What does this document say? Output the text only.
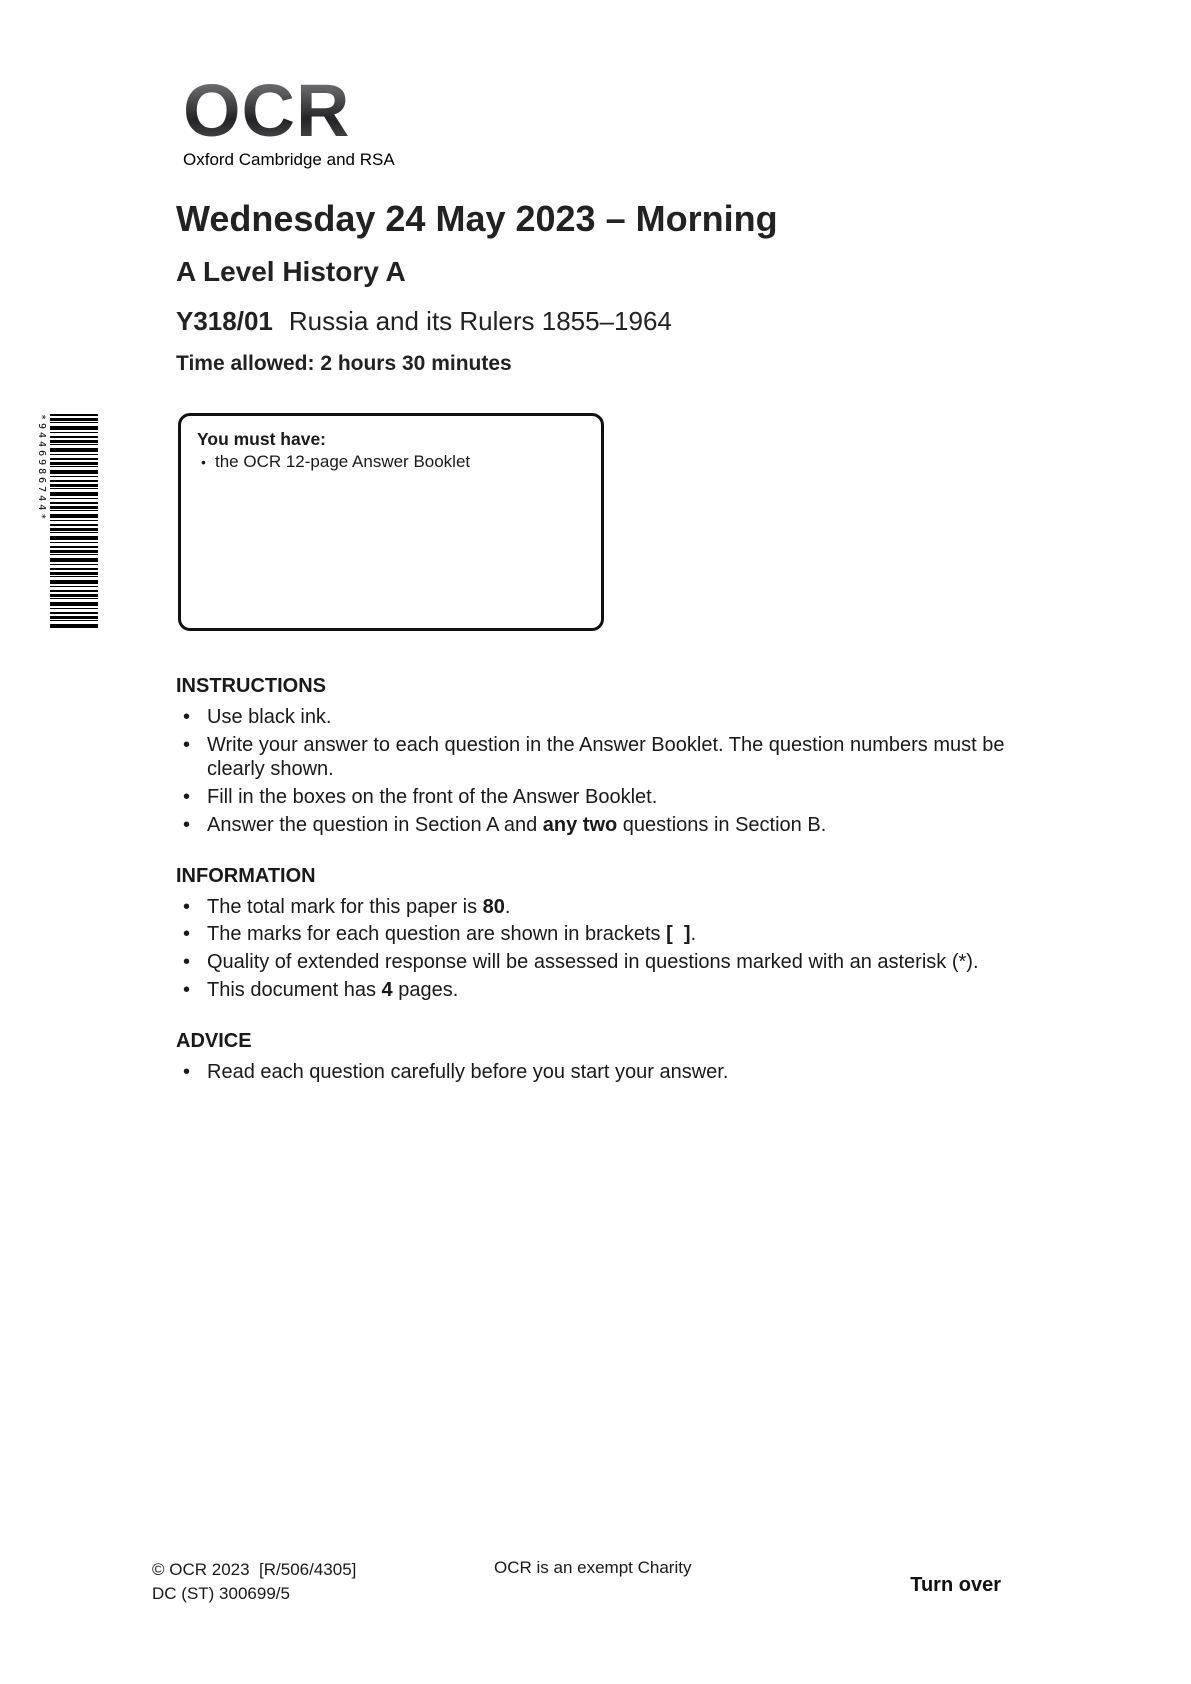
OCR
Oxford Cambridge and RSA
Wednesday 24 May 2023 – Morning
A Level History A
Y318/01 Russia and its Rulers 1855–1964
Time allowed: 2 hours 30 minutes
*9446986744*	You must have:
• the OCR 12-page Answer Booklet
INSTRUCTIONS
• Use black ink.
• Write your answer to each question in the Answer Booklet. The question numbers must be clearly shown.
• Fill in the boxes on the front of the Answer Booklet.
• Answer the question in Section A and any two questions in Section B.
INFORMATION
• The total mark for this paper is 80.
• The marks for each question are shown in brackets [  ].
• Quality of extended response will be assessed in questions marked with an asterisk (*).
• This document has 4 pages.
ADVICE
• Read each question carefully before you start your answer.
© OCR 2023  [R/506/4305]
DC (ST) 300699/5
OCR is an exempt Charity
Turn over
